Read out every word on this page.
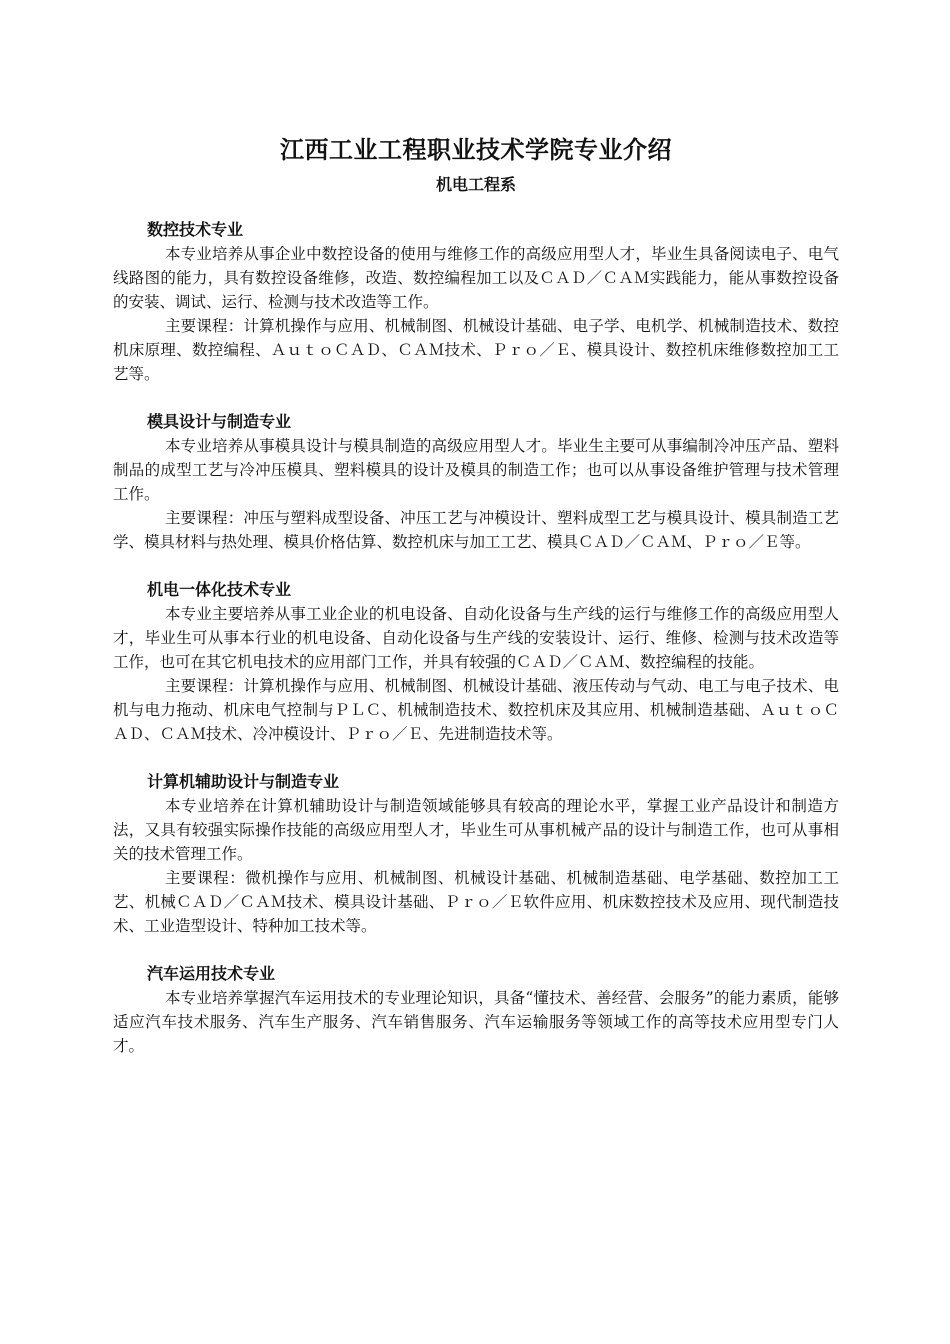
江西工业工程职业技术学院专业介绍
机电工程系
数控技术专业

本专业培养从事企业中数控设备的使用与维修工作的高级应用型人才，毕业生具备阅读电子、电气线路图的能力，具有数控设备维修，改造、数控编程加工以及ＣＡＤ／ＣＡＭ实践能力，能从事数控设备的安装、调试、运行、检测与技术改造等工作。

主要课程：计算机操作与应用、机械制图、机械设计基础、电子学、电机学、机械制造技术、数控机床原理、数控编程、ＡｕｔｏＣＡＤ、ＣＡＭ技术、Ｐｒｏ／Ｅ、模具设计、数控机床维修数控加工工艺等。

模具设计与制造专业

本专业培养从事模具设计与模具制造的高级应用型人才。毕业生主要可从事编制冷冲压产品、塑料制品的成型工艺与冷冲压模具、塑料模具的设计及模具的制造工作；也可以从事设备维护管理与技术管理工作。

主要课程：冲压与塑料成型设备、冲压工艺与冲模设计、塑料成型工艺与模具设计、模具制造工艺学、模具材料与热处理、模具价格估算、数控机床与加工工艺、模具ＣＡＤ／ＣＡＭ、Ｐｒｏ／Ｅ等。

机电一体化技术专业

本专业主要培养从事工业企业的机电设备、自动化设备与生产线的运行与维修工作的高级应用型人才，毕业生可从事本行业的机电设备、自动化设备与生产线的安装设计、运行、维修、检测与技术改造等工作，也可在其它机电技术的应用部门工作，并具有较强的ＣＡＤ／ＣＡＭ、数控编程的技能。

主要课程：计算机操作与应用、机械制图、机械设计基础、液压传动与气动、电工与电子技术、电机与电力拖动、机床电气控制与ＰＬＣ、机械制造技术、数控机床及其应用、机械制造基础、ＡｕｔｏＣＡＤ、ＣＡＭ技术、冷冲模设计、Ｐｒｏ／Ｅ、先进制造技术等。

计算机辅助设计与制造专业

本专业培养在计算机辅助设计与制造领域能够具有较高的理论水平，掌握工业产品设计和制造方法，又具有较强实际操作技能的高级应用型人才，毕业生可从事机械产品的设计与制造工作，也可从事相关的技术管理工作。

主要课程：微机操作与应用、机械制图、机械设计基础、机械制造基础、电学基础、数控加工工艺、机械ＣＡＤ／ＣＡＭ技术、模具设计基础、Ｐｒｏ／Ｅ软件应用、机床数控技术及应用、现代制造技术、工业造型设计、特种加工技术等。

汽车运用技术专业

本专业培养掌握汽车运用技术的专业理论知识，具备“懂技术、善经营、会服务”的能力素质，能够适应汽车技术服务、汽车生产服务、汽车销售服务、汽车运输服务等领域工作的高等技术应用型专门人才。
